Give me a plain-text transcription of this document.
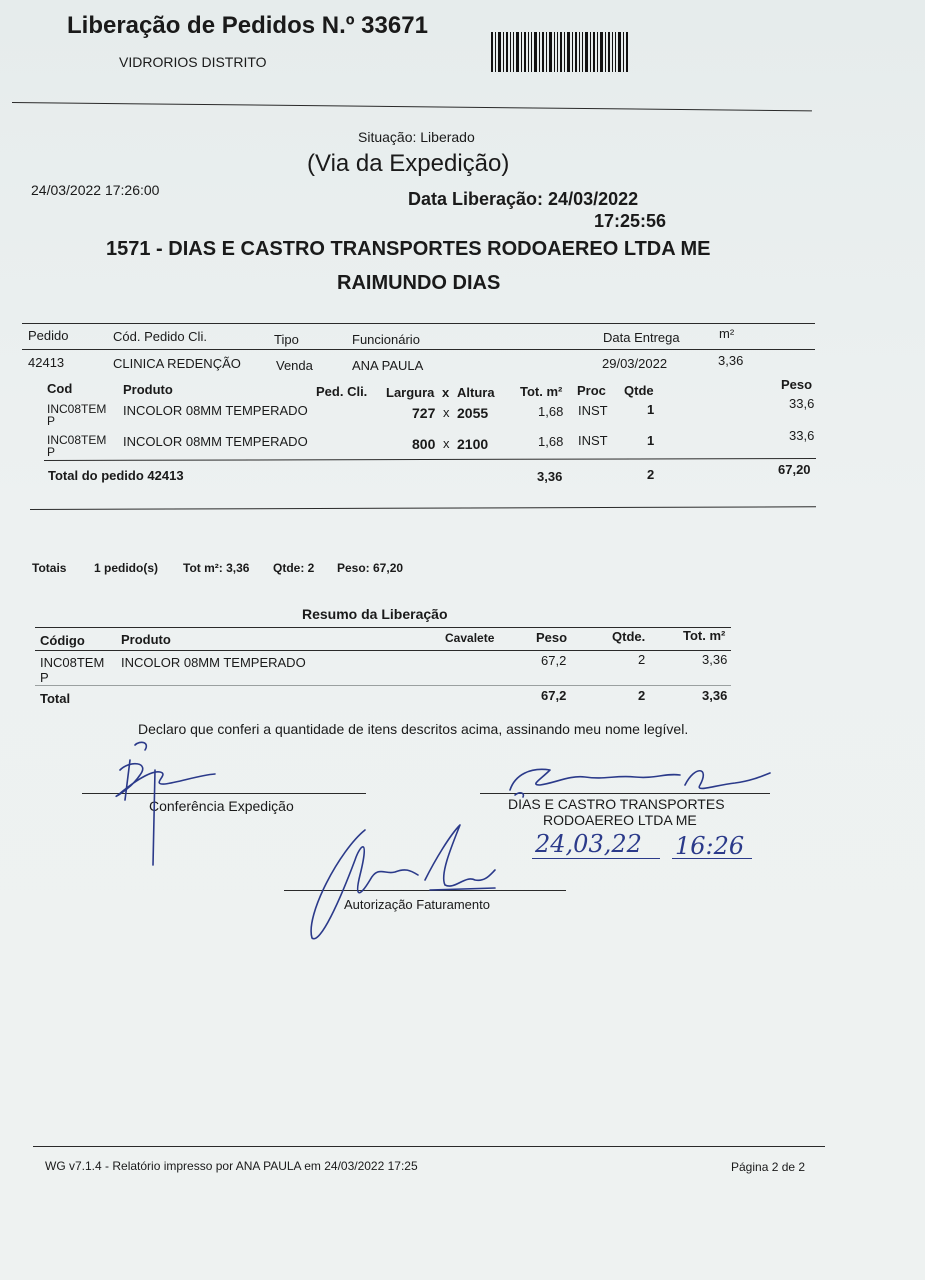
Liberação de Pedidos N.º 33671
VIDRORIOS DISTRITO
Situação: Liberado
(Via da Expedição)
24/03/2022 17:26:00	Data Liberação: 24/03/2022
17:25:56
1571 - DIAS E CASTRO TRANSPORTES RODOAEREO LTDA ME
RAIMUNDO DIAS
Pedido	Cód. Pedido Cli.	Tipo	Funcionário	Data Entrega	m²
42413	CLINICA REDENÇÃO	Venda	ANA PAULA	29/03/2022	3,36
Cod	Produto	Ped. Cli. Largura x Altura Tot. m² Proc Qtde	Peso
INC08TEM
P
INCOLOR 08MM TEMPERADO	727 x 2055	1,68 INST	1	33,6
INC08TEM
P
INCOLOR 08MM TEMPERADO	800 x 2100	1,68 INST	1	33,6
Total do pedido 42413	3,36	2	67,20
Totais 1 pedido(s) Tot m²: 3,36 Qtde: 2 Peso: 67,20
Resumo da Liberação
Código	Produto	Cavalete	Peso	Qtde.	Tot. m²
INC08TEM
P
INCOLOR 08MM TEMPERADO	67,2	2	3,36
Total	67,2	2	3,36
Declaro que conferi a quantidade de itens descritos acima, assinando meu nome legível.
Conferência Expedição	DIAS E CASTRO TRANSPORTES
RODOAEREO LTDA ME
Autorização Faturamento
24,03,22 16:26
WG v7.1.4 - Relatório impresso por ANA PAULA em 24/03/2022 17:25	Página 2 de 2
